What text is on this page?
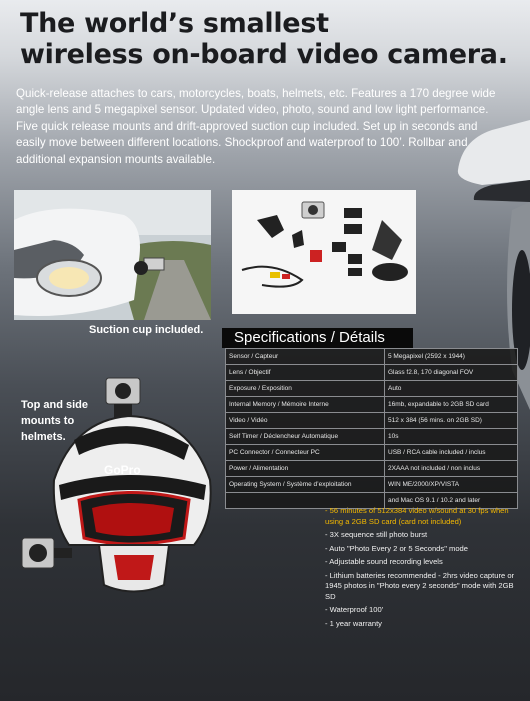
The world’s smallest
wireless on-board video camera.
Quick-release attaches to cars, motorcycles, boats, helmets, etc. Features a 170 degree wide angle lens and 5 megapixel sensor. Updated video, photo, sound and low light performance. Five quick release mounts and drift-approved suction cup included. Set up in seconds and easily move between different locations. Shockproof and waterproof to 100’. Rollbar and additional expansion mounts available.
Suction cup included.	Specifications / Détails
Sensor / Capteur	5 Megapixel (2592 x 1944)
Lens / Objectif	Glass f2.8, 170 diagonal FOV
Exposure / Exposition	Auto
Internal Memory / Mémoire Interne	16mb, expandable to 2GB SD card
Video / Vidéo	512 x 384 (56 mins. on 2GB SD)
Self Timer / Déclencheur Automatique	10s
PC Connector / Connecteur PC	USB / RCA cable included / inclus
Power / Alimentation	2XAAA not included / non inclus
Operating System / Système d’exploitation	WIN ME/2000/XP/VISTA
	and Mac OS 9.1 / 10.2 and later
Top and side mounts to helmets.
GoPro
- 56 minutes of 512x384 video w/sound at 30 fps when using a 2GB SD card (card not included)
- 3X sequence still photo burst
- Auto "Photo Every 2 or 5 Seconds" mode
- Adjustable sound recording levels
- Lithium batteries recommended - 2hrs video capture or 1945 photos in "Photo every 2 seconds" mode with 2GB SD
- Waterproof 100’
- 1 year warranty
